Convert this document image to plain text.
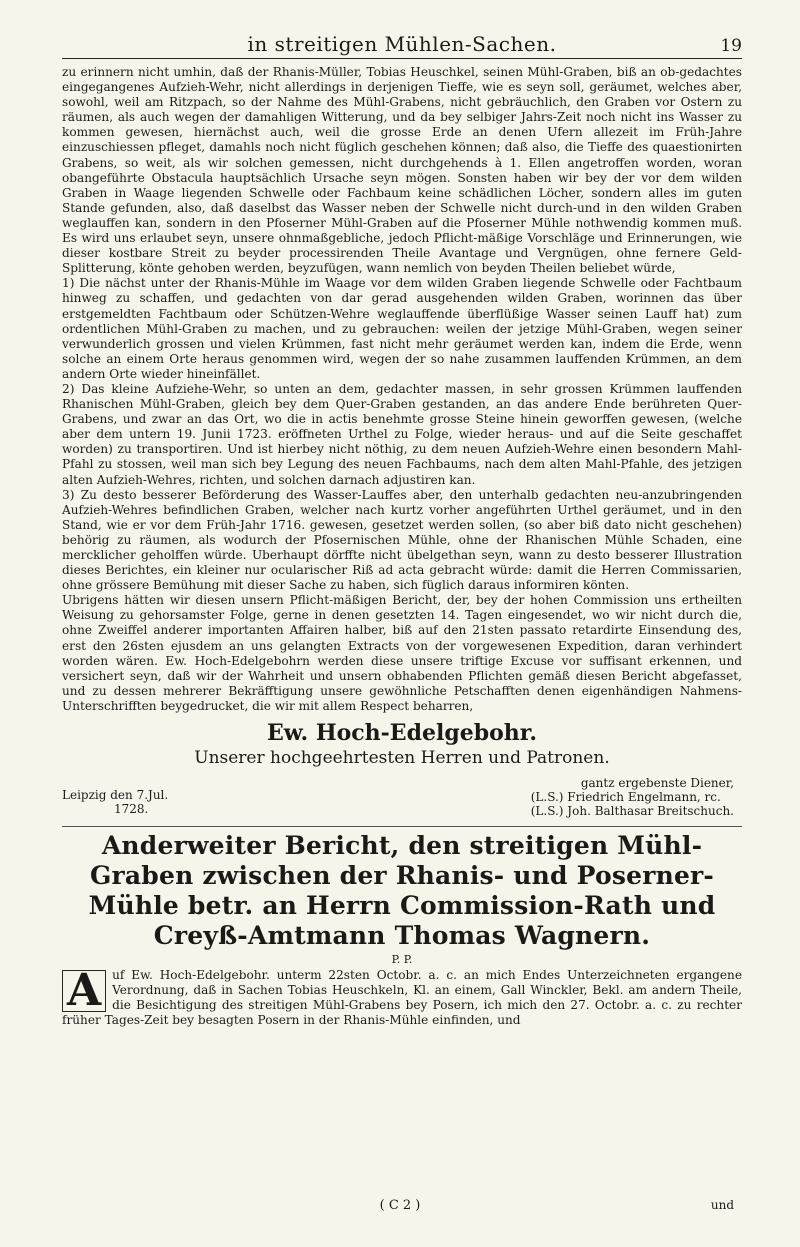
in streitigen Mühlen-Sachen.	19

zu erinnern nicht umhin, daß der Rhanis-Müller, Tobias Heuschkel, seinen Mühl-Graben, biß an ob-gedachtes eingegangenes Aufzieh-Wehr, nicht allerdings in derjenigen Tieffe, wie es seyn soll, geräumet, welches aber, sowohl, weil am Ritzpach, so der Nahme des Mühl-Grabens, nicht gebräuchlich, den Graben vor Ostern zu räumen, als auch wegen der damahligen Witterung, und da bey selbiger Jahrs-Zeit noch nicht ins Wasser zu kommen gewesen, hiernächst auch, weil die grosse Erde an denen Ufern allezeit im Früh-Jahre einzuschiessen pfleget, damahls noch nicht füglich geschehen können; daß also, die Tieffe des quaestionirten Grabens, so weit, als wir solchen gemessen, nicht durchgehends à 1. Ellen angetroffen worden, woran obangeführte Obstacula hauptsächlich Ursache seyn mögen. Sonsten haben wir bey der vor dem wilden Graben in Waage liegenden Schwelle oder Fachbaum keine schädlichen Löcher, sondern alles im guten Stande gefunden, also, daß daselbst das Wasser neben der Schwelle nicht durch-und in den wilden Graben weglauffen kan, sondern in den Pfoserner Mühl-Graben auf die Pfoserner Mühle nothwendig kommen muß. Es wird uns erlaubet seyn, unsere ohnmaßgebliche, jedoch Pflicht-mäßige Vorschläge und Erinnerungen, wie dieser kostbare Streit zu beyder processirenden Theile Avantage und Vergnügen, ohne fernere Geld-Splitterung, könte gehoben werden, beyzufügen, wann nemlich von beyden Theilen beliebet würde,

1) Die nächst unter der Rhanis-Mühle im Waage vor dem wilden Graben liegende Schwelle oder Fachtbaum hinweg zu schaffen, und gedachten von dar gerad ausgehenden wilden Graben, worinnen das über erstgemeldten Fachtbaum oder Schützen-Wehre weglauffende überflüßige Wasser seinen Lauff hat) zum ordentlichen Mühl-Graben zu machen, und zu gebrauchen: weilen der jetzige Mühl-Graben, wegen seiner verwunderlich grossen und vielen Krümmen, fast nicht mehr geräumet werden kan, indem die Erde, wenn solche an einem Orte heraus genommen wird, wegen der so nahe zusammen lauffenden Krümmen, an dem andern Orte wieder hineinfället.

2) Das kleine Aufziehe-Wehr, so unten an dem, gedachter massen, in sehr grossen Krümmen lauffenden Rhanischen Mühl-Graben, gleich bey dem Quer-Graben gestanden, an das andere Ende berühreten Quer-Grabens, und zwar an das Ort, wo die in actis benehmte grosse Steine hinein geworffen gewesen, (welche aber dem untern 19. Junii 1723. eröffneten Urthel zu Folge, wieder heraus- und auf die Seite geschaffet worden) zu transportiren. Und ist hierbey nicht nöthig, zu dem neuen Aufzieh-Wehre einen besondern Mahl-Pfahl zu stossen, weil man sich bey Legung des neuen Fachbaums, nach dem alten Mahl-Pfahle, des jetzigen alten Aufzieh-Wehres, richten, und solchen darnach adjustiren kan.

3) Zu desto besserer Beförderung des Wasser-Lauffes aber, den unterhalb gedachten neu-anzubringenden Aufzieh-Wehres befindlichen Graben, welcher nach kurtz vorher angeführten Urthel geräumet, und in den Stand, wie er vor dem Früh-Jahr 1716. gewesen, gesetzet werden sollen, (so aber biß dato nicht geschehen) behörig zu räumen, als wodurch der Pfosernischen Mühle, ohne der Rhanischen Mühle Schaden, eine mercklicher geholffen würde. Uberhaupt dörffte nicht übelgethan seyn, wann zu desto besserer Illustration dieses Berichtes, ein kleiner nur ocularischer Riß ad acta gebracht würde: damit die Herren Commissarien, ohne grössere Bemühung mit dieser Sache zu haben, sich füglich daraus informiren könten.

Ubrigens hätten wir diesen unsern Pflicht-mäßigen Bericht, der, bey der hohen Commission uns ertheilten Weisung zu gehorsamster Folge, gerne in denen gesetzten 14. Tagen eingesendet, wo wir nicht durch die, ohne Zweiffel anderer importanten Affairen halber, biß auf den 21sten passato retardirte Einsendung des, erst den 26sten ejusdem an uns gelangten Extracts von der vorgewesenen Expedition, daran verhindert worden wären. Ew. Hoch-Edelgebohrn werden diese unsere triftige Excuse vor suffisant erkennen, und versichert seyn, daß wir der Wahrheit und unsern obhabenden Pflichten gemäß diesen Bericht abgefasset, und zu dessen mehrerer Bekräfftigung unsere gewöhnliche Petschafften denen eigenhändigen Nahmens-Unterschrifften beygedrucket, die wir mit allem Respect beharren,

Ew. Hoch-Edelgebohr.
Unserer hochgeehrtesten Herren und Patronen.
Leipzig den 7.Jul.
1728.
gantz ergebenste Diener,
(L.S.) Friedrich Engelmann, rc.
(L.S.) Joh. Balthasar Breitschuch.
Anderweiter Bericht, den streitigen Mühl-Graben zwischen der Rhanis- und Poserner-Mühle betr. an Herrn Commission-Rath und Creyß-Amtmann Thomas Wagnern.
P. P.
A uf Ew. Hoch-Edelgebohr. unterm 22sten Octobr. a. c. an mich Endes Unterzeichneten ergangene Verordnung, daß in Sachen Tobias Heuschkeln, Kl. an einem, Gall Winckler, Bekl. am andern Theile, die Besichtigung des streitigen Mühl-Grabens bey Posern, ich mich den 27. Octobr. a. c. zu rechter früher Tages-Zeit bey besagten Posern in der Rhanis-Mühle einfinden, und
( C 2 )	und
